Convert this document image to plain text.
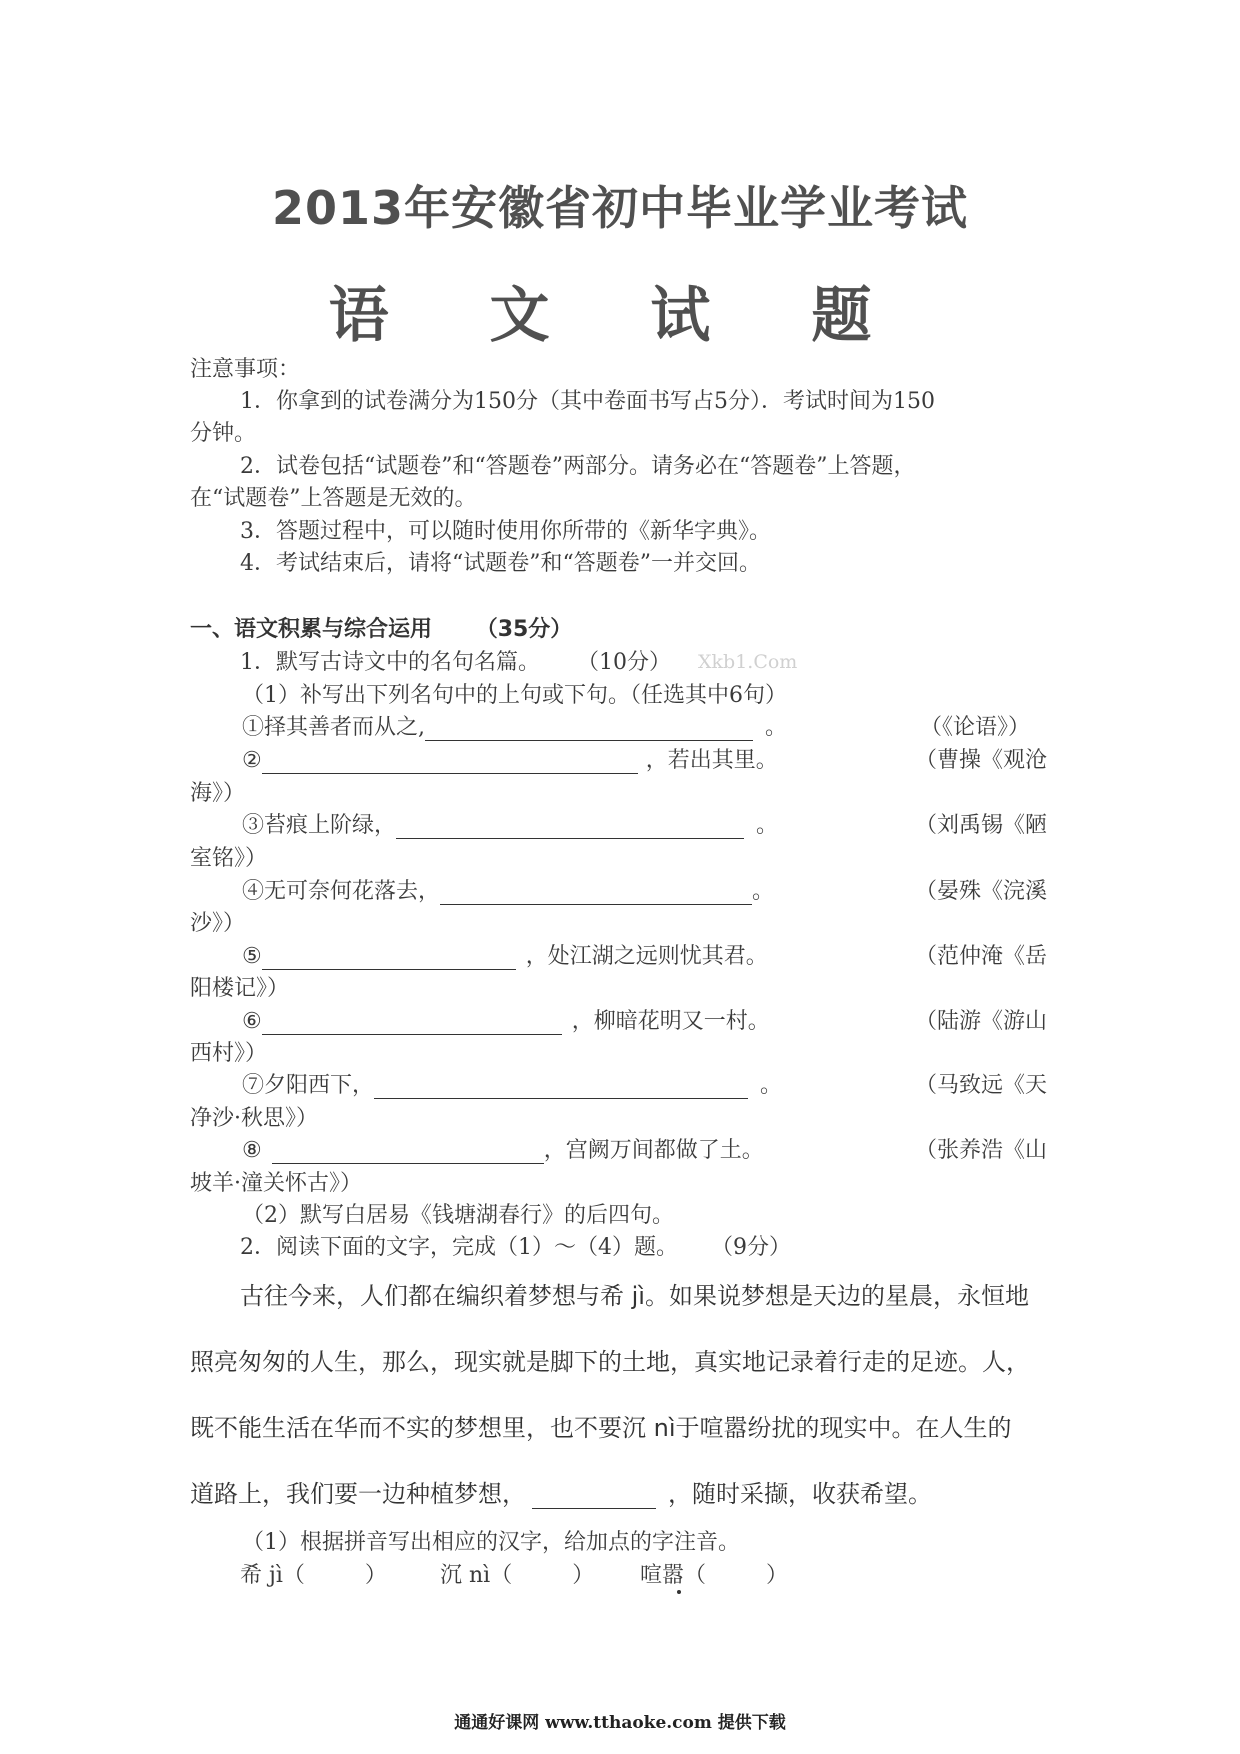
2013年安徽省初中毕业学业考试
语 文 试 题
注意事项：
1．你拿到的试卷满分为150分（其中卷面书写占5分）．考试时间为150
分钟。
2．试卷包括“试题卷”和“答题卷”两部分。请务必在“答题卷”上答题，
在“试题卷”上答题是无效的。
3．答题过程中，可以随时使用你所带的《新华字典》。
4．考试结束后，请将“试题卷”和“答题卷”一并交回。
一、语文积累与综合运用 （35分）
1．默写古诗文中的名句名篇。 （10分） Xkb1.Com
（1）补写出下列名句中的上句或下句。（任选其中6句）
①择其善者而从之,	。	（《论语》）
②	，若出其里。	（曹操《观沧
海》）
③苔痕上阶绿，	。	（刘禹锡《陋
室铭》）
④无可奈何花落去，	。	（晏殊《浣溪
沙》）
⑤	，处江湖之远则忧其君。	（范仲淹《岳
阳楼记》）
⑥	，柳暗花明又一村。	（陆游《游山
西村》）
⑦夕阳西下，	。	（马致远《天
净沙·秋思》）
⑧	，宫阙万间都做了土。	（张养浩《山
坡羊·潼关怀古》）
（2）默写白居易《钱塘湖春行》的后四句。
2．阅读下面的文字，完成（1）～（4）题。 （9分）
古往今来，人们都在编织着梦想与希 jì。如果说梦想是天边的星晨，永恒地
照亮匆匆的人生，那么，现实就是脚下的土地，真实地记录着行走的足迹。人，
既不能生活在华而不实的梦想里，也不要沉 nì于喧嚣纷扰的现实中。在人生的
道路上，我们要一边种植梦想，	，随时采撷，收获希望。
（1）根据拼音写出相应的汉字，给加点的字注音。
希 jì（	） 沉 nì（	） 喧嚣（	）
通通好课网 www.tthaoke.com 提供下载
